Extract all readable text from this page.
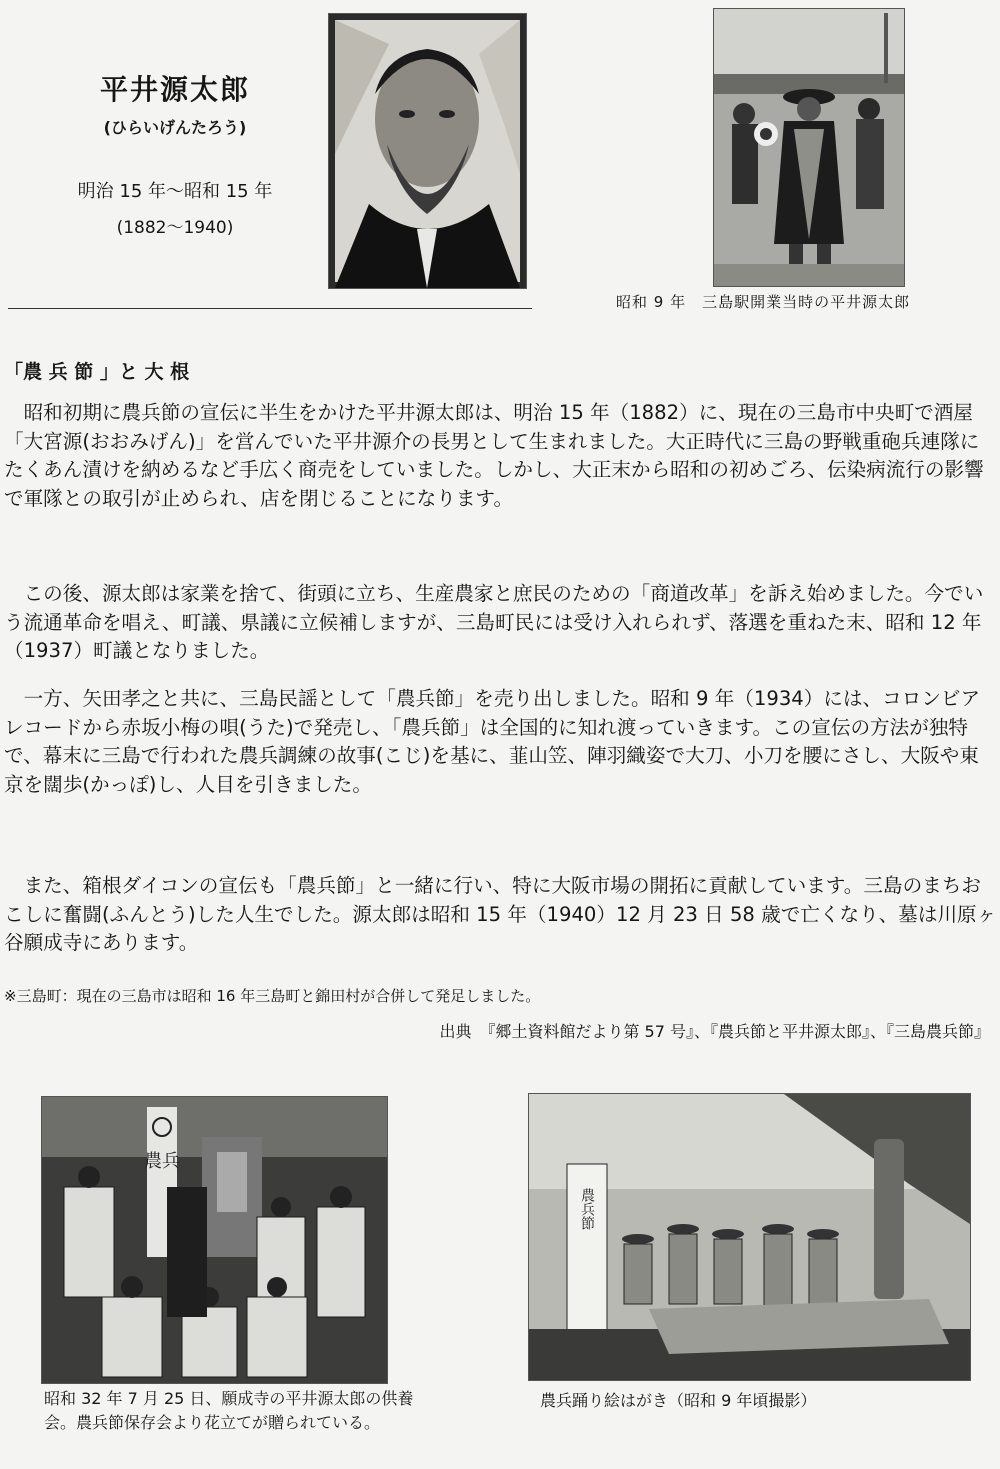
平井源太郎
(ひらいげんたろう)
明治 15 年〜昭和 15 年
(1882〜1940)
昭和 9 年　三島駅開業当時の平井源太郎
「農 兵 節 」と 大 根
　昭和初期に農兵節の宣伝に半生をかけた平井源太郎は、明治 15 年（1882）に、現在の三島市中央町で酒屋「大宮源(おおみげん)」を営んでいた平井源介の長男として生まれました。大正時代に三島の野戦重砲兵連隊にたくあん漬けを納めるなど手広く商売をしていました。しかし、大正末から昭和の初めごろ、伝染病流行の影響で軍隊との取引が止められ、店を閉じることになります。
　この後、源太郎は家業を捨て、街頭に立ち、生産農家と庶民のための「商道改革」を訴え始めました。今でいう流通革命を唱え、町議、県議に立候補しますが、三島町民には受け入れられず、落選を重ねた末、昭和 12 年（1937）町議となりました。
　一方、矢田孝之と共に、三島民謡として「農兵節」を売り出しました。昭和 9 年（1934）には、コロンビアレコードから赤坂小梅の唄(うた)で発売し、「農兵節」は全国的に知れ渡っていきます。この宣伝の方法が独特で、幕末に三島で行われた農兵調練の故事(こじ)を基に、韮山笠、陣羽織姿で大刀、小刀を腰にさし、大阪や東京を闊歩(かっぽ)し、人目を引きました。
　また、箱根ダイコンの宣伝も「農兵節」と一緒に行い、特に大阪市場の開拓に貢献しています。三島のまちおこしに奮闘(ふんとう)した人生でした。源太郎は昭和 15 年（1940）12 月 23 日 58 歳で亡くなり、墓は川原ヶ谷願成寺にあります。
※三島町：現在の三島市は昭和 16 年三島町と錦田村が合併して発足しました。
出典　『郷土資料館だより第 57 号』、『農兵節と平井源太郎』、『三島農兵節』
農兵
農兵節
昭和 32 年 7 月 25 日、願成寺の平井源太郎の供養会。農兵節保存会より花立てが贈られている。
農兵踊り絵はがき（昭和 9 年頃撮影）
